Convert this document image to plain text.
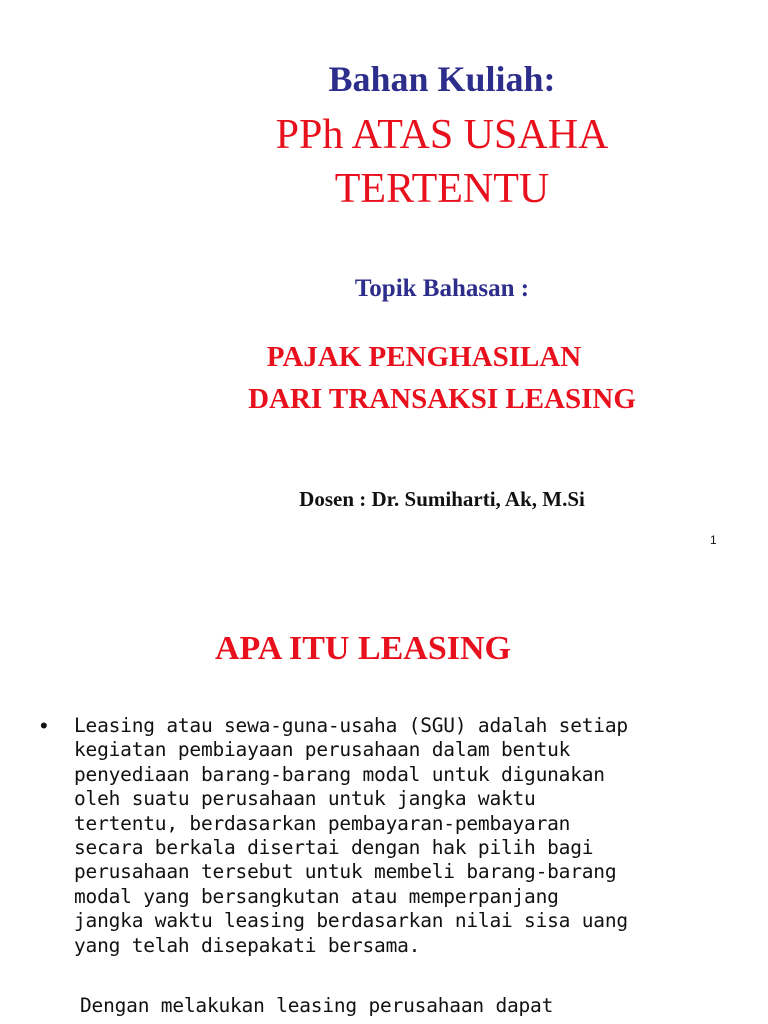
Bahan Kuliah:
PPh ATAS USAHA
TERTENTU
Topik Bahasan :
PAJAK PENGHASILAN
DARI TRANSAKSI LEASING
Dosen : Dr. Sumiharti, Ak, M.Si
1
APA ITU LEASING
• Leasing atau sewa-guna-usaha (SGU) adalah setiap
kegiatan pembiayaan perusahaan dalam bentuk
penyediaan barang-barang modal untuk digunakan
oleh suatu perusahaan untuk jangka waktu
tertentu, berdasarkan pembayaran-pembayaran
secara berkala disertai dengan hak pilih bagi
perusahaan tersebut untuk membeli barang-barang
modal yang bersangkutan atau memperpanjang
jangka waktu leasing berdasarkan nilai sisa uang
yang telah disepakati bersama.

Dengan melakukan leasing perusahaan dapat
